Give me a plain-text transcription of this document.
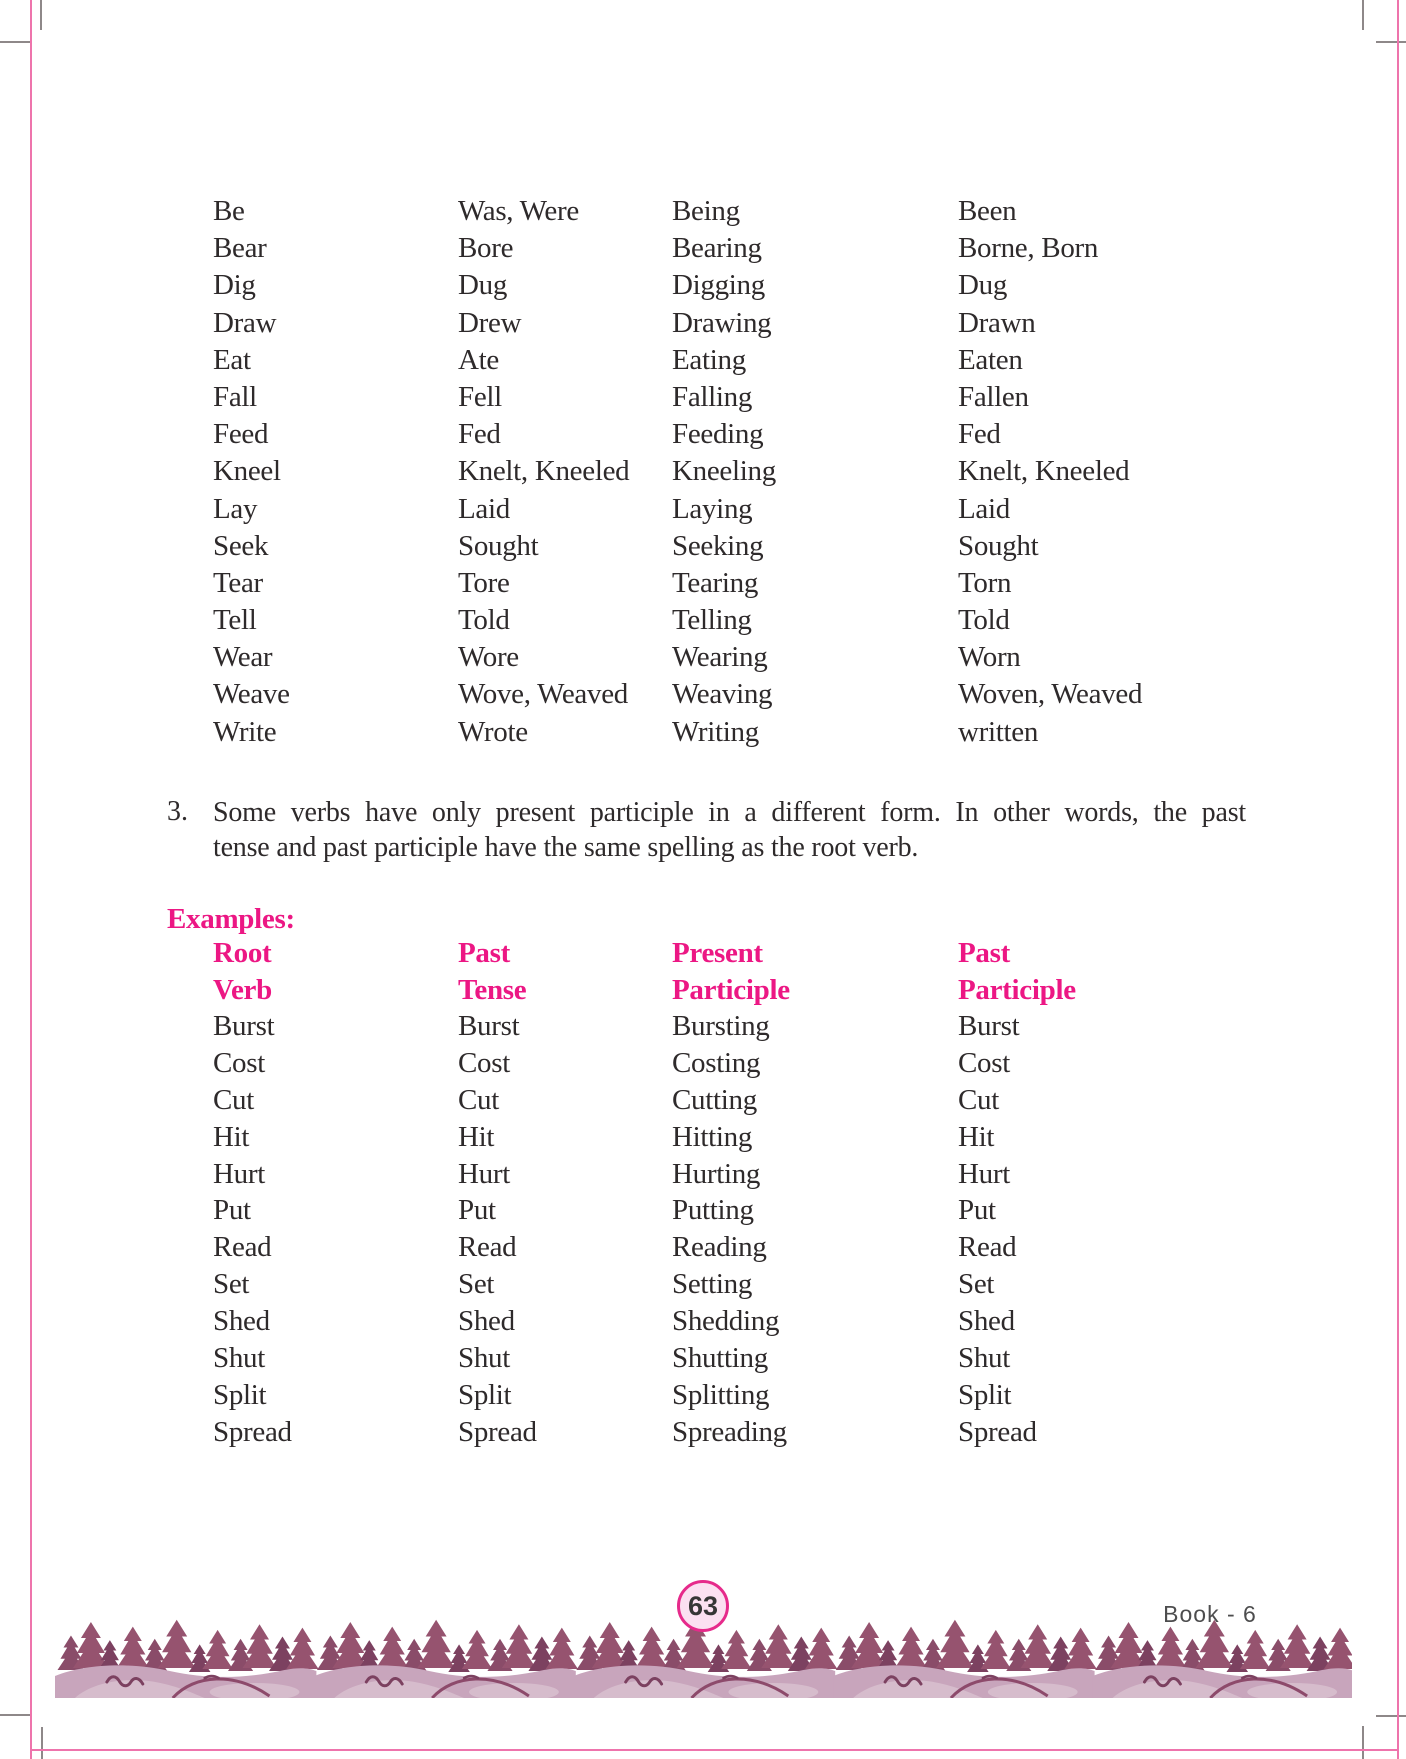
Be	Was, Were	Being	Been
Bear	Bore	Bearing	Borne, Born
Dig	Dug	Digging	Dug
Draw	Drew	Drawing	Drawn
Eat	Ate	Eating	Eaten
Fall	Fell	Falling	Fallen
Feed	Fed	Feeding	Fed
Kneel	Knelt, Kneeled	Kneeling	Knelt, Kneeled
Lay	Laid	Laying	Laid
Seek	Sought	Seeking	Sought
Tear	Tore	Tearing	Torn
Tell	Told	Telling	Told
Wear	Wore	Wearing	Worn
Weave	Wove, Weaved	Weaving	Woven, Weaved
Write	Wrote	Writing	written
3. Some verbs have only present participle in a different form. In other words, the past
tense and past participle have the same spelling as the root verb.
Examples:
Root	Past	Present	Past
Verb	Tense	Participle	Participle
Burst	Burst	Bursting	Burst
Cost	Cost	Costing	Cost
Cut	Cut	Cutting	Cut
Hit	Hit	Hitting	Hit
Hurt	Hurt	Hurting	Hurt
Put	Put	Putting	Put
Read	Read	Reading	Read
Set	Set	Setting	Set
Shed	Shed	Shedding	Shed
Shut	Shut	Shutting	Shut
Split	Split	Splitting	Split
Spread	Spread	Spreading	Spread
63	Book - 6
